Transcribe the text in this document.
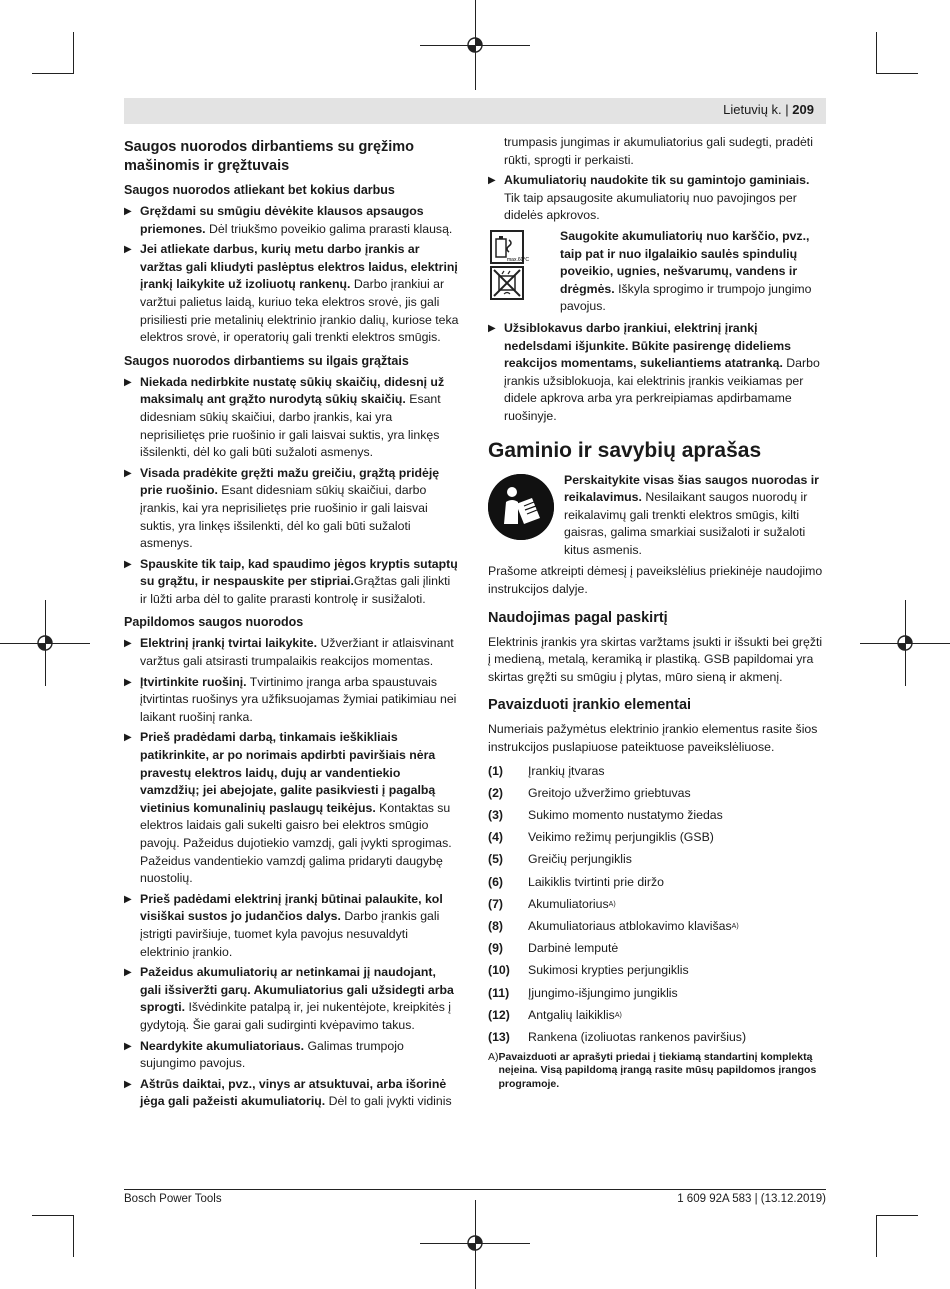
Lietuvių k. | 209
Saugos nuorodos dirbantiems su gręžimo mašinomis ir gręžtuvais
Saugos nuorodos atliekant bet kokius darbus
▶ Gręždami su smūgiu dėvėkite klausos apsaugos priemones. Dėl triukšmo poveikio galima prarasti klausą.
▶ Jei atliekate darbus, kurių metu darbo įrankis ar varžtas gali kliudyti paslėptus elektros laidus, elektrinį įrankį laikykite už izoliuotų rankenų. Darbo įrankiui ar varžtui palietus laidą, kuriuo teka elektros srovė, jis gali prisiliesti prie metalinių elektrinio įrankio dalių, kuriose teka elektros srovė, ir operatorių gali trenkti elektros smūgis.
Saugos nuorodos dirbantiems su ilgais grąžtais
▶ Niekada nedirbkite nustatę sūkių skaičių, didesnį už maksimalų ant grąžto nurodytą sūkių skaičių. Esant didesniam sūkių skaičiui, darbo įrankis, kai yra neprisilietęs prie ruošinio ir gali laisvai suktis, yra linkęs išsilenkti, dėl ko gali būti sužaloti asmenys.
▶ Visada pradėkite gręžti mažu greičiu, grąžtą pridėję prie ruošinio. Esant didesniam sūkių skaičiui, darbo įrankis, kai yra neprisilietęs prie ruošinio ir gali laisvai suktis, yra linkęs išsilenkti, dėl ko gali būti sužaloti asmenys.
▶ Spauskite tik taip, kad spaudimo jėgos kryptis sutaptų su grąžtu, ir nespauskite per stipriai.Grąžtas gali įlinkti ir lūžti arba dėl to galite prarasti kontrolę ir susižaloti.
Papildomos saugos nuorodos
▶ Elektrinį įrankį tvirtai laikykite. Užveržiant ir atlaisvinant varžtus gali atsirasti trumpalaikis reakcijos momentas.
▶ Įtvirtinkite ruošinį. Tvirtinimo įranga arba spaustuvais įtvirtintas ruošinys yra užfiksuojamas žymiai patikimiau nei laikant ruošinį ranka.
▶ Prieš pradėdami darbą, tinkamais ieškikliais patikrinkite, ar po norimais apdirbti paviršiais nėra pravestų elektros laidų, dujų ar vandentiekio vamzdžių; jei abejojate, galite pasikviesti į pagalbą vietinius komunalinių paslaugų teikėjus. Kontaktas su elektros laidais gali sukelti gaisro bei elektros smūgio pavojų. Pažeidus dujotiekio vamzdį, gali įvykti sprogimas. Pažeidus vandentiekio vamzdį galima pridaryti daugybę nuostolių.
▶ Prieš padėdami elektrinį įrankį būtinai palaukite, kol visiškai sustos jo judančios dalys. Darbo įrankis gali įstrigti paviršiuje, tuomet kyla pavojus nesuvaldyti elektrinio įrankio.
▶ Pažeidus akumuliatorių ar netinkamai jį naudojant, gali išsiveržti garų. Akumuliatorius gali užsidegti arba sprogti. Išvėdinkite patalpą ir, jei nukentėjote, kreipkitės į gydytoją. Šie garai gali sudirginti kvėpavimo takus.
▶ Neardykite akumuliatoriaus. Galimas trumpojo sujungimo pavojus.
▶ Aštrūs daiktai, pvz., vinys ar atsuktuvai, arba išorinė jėga gali pažeisti akumuliatorių. Dėl to gali įvykti vidinis

trumpasis jungimas ir akumuliatorius gali sudegti, pradėti rūkti, sprogti ir perkaisti.

▶ Akumuliatorių naudokite tik su gamintojo gaminiais. Tik taip apsaugosite akumuliatorių nuo pavojingos per didelės apkrovos.
max.60°C
Saugokite akumuliatorių nuo karščio, pvz., taip pat ir nuo ilgalaikio saulės spindulių poveikio, ugnies, nešvarumų, vandens ir drėgmės. Iškyla sprogimo ir trumpojo jungimo pavojus.
▶ Užsiblokavus darbo įrankiui, elektrinį įrankį nedelsdami išjunkite. Būkite pasirengę dideliems reakcijos momentams, sukeliantiems atatranką. Darbo įrankis užsiblokuoja, kai elektrinis įrankis veikiamas per didele apkrova arba yra perkreipiamas apdirbamame ruošinyje.
Gaminio ir savybių aprašas
Perskaitykite visas šias saugos nuorodas ir reikalavimus. Nesilaikant saugos nuorodų ir reikalavimų gali trenkti elektros smūgis, kilti gaisras, galima smarkiai susižaloti ir sužaloti kitus asmenis.

Prašome atkreipti dėmesį į paveikslėlius priekinėje naudojimo instrukcijos dalyje.

Naudojimas pagal paskirtį

Elektrinis įrankis yra skirtas varžtams įsukti ir išsukti bei gręžti į medieną, metalą, keramiką ir plastiką. GSB papildomai yra skirtas gręžti su smūgiu į plytas, mūro sieną ir akmenį.

Pavaizduoti įrankio elementai

Numeriais pažymėtus elektrinio įrankio elementus rasite šios instrukcijos puslapiuose pateiktuose paveikslėliuose.

(1)	Įrankių įtvaras
(2)	Greitojo užveržimo griebtuvas
(3)	Sukimo momento nustatymo žiedas
(4)	Veikimo režimų perjungiklis (GSB)
(5)	Greičių perjungiklis
(6)	Laikiklis tvirtinti prie diržo
(7)	Akumuliatorius A)
(8)	Akumuliatoriaus atblokavimo klavišas A)
(9)	Darbinė lemputė
(10)	Sukimosi krypties perjungiklis
(11)	Įjungimo-išjungimo jungiklis
(12)	Antgalių laikiklis A)
(13)	Rankena (izoliuotas rankenos paviršius)
A) Pavaizduoti ar aprašyti priedai į tiekiamą standartinį komplektą neįeina. Visą papildomą įrangą rasite mūsų papildomos įrangos programoje.
Bosch Power Tools	1 609 92A 583 | (13.12.2019)
